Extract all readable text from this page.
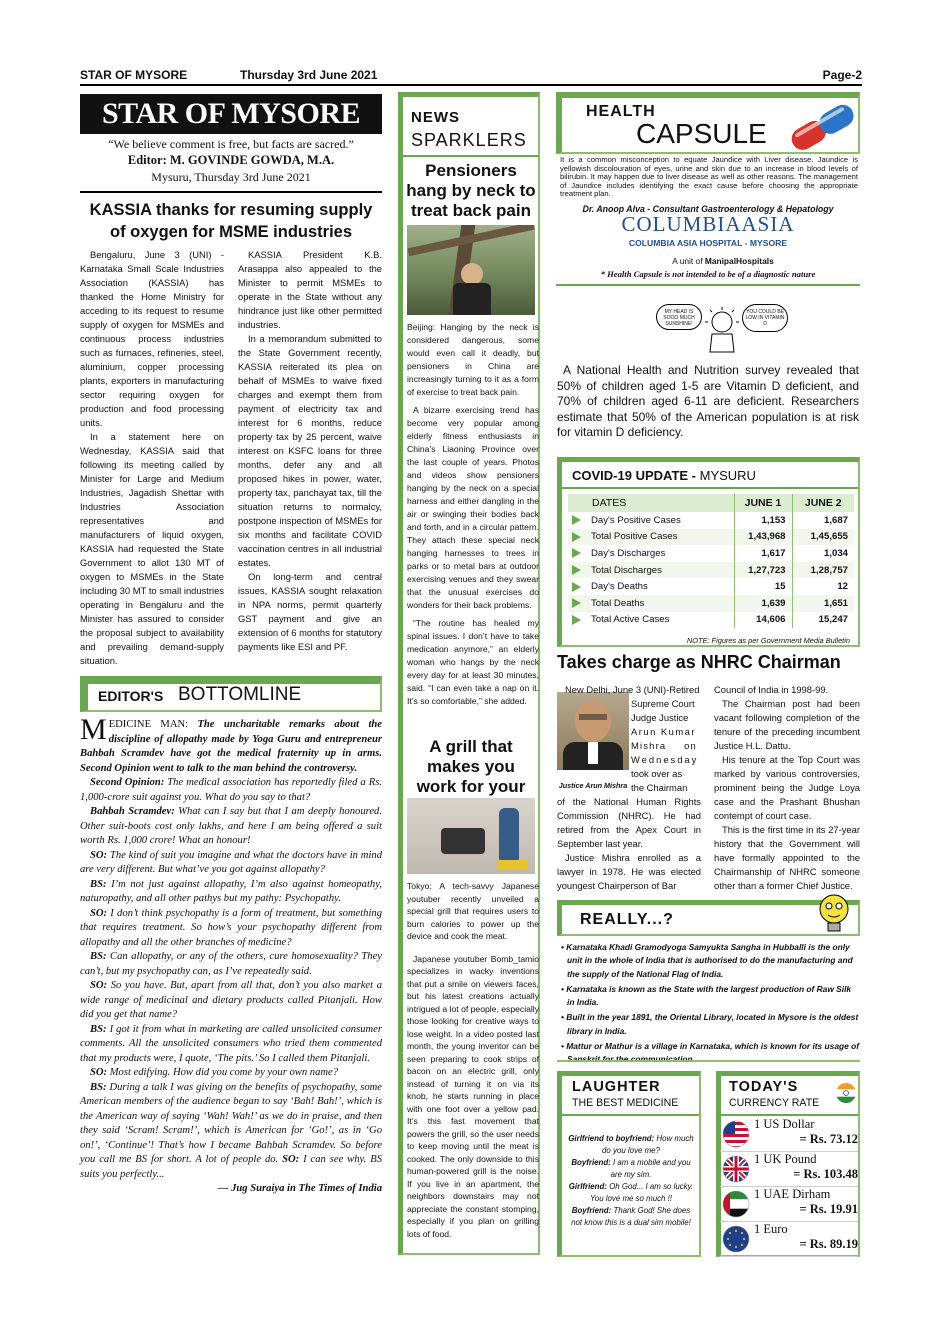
STAR OF MYSORE	Thursday 3rd June 2021	Page-2
STAR OF MYSORE
“We believe comment is free, but facts are sacred.”
Editor: M. GOVINDE GOWDA, M.A.
Mysuru, Thursday 3rd June 2021
KASSIA thanks for resuming supply of oxygen for MSME industries

Bengaluru, June 3 (UNI) - Karnataka Small Scale Industries Association (KASSIA) has thanked the Home Ministry for acceding to its request to resume supply of oxygen for MSMEs and continuous process industries such as furnaces, refineries, steel, aluminium, copper processing plants, exporters in manufacturing sector requiring oxygen for production and food processing units.

In a statement here on Wednesday, KASSIA said that following its meeting called by Minister for Large and Medium Industries, Jagadish Shettar with Industries Association representatives and manufacturers of liquid oxygen, KASSIA had requested the State Government to allot 130 MT of oxygen to MSMEs in the State including 30 MT to small industries operating in Bengaluru and the Minister has assured to consider the proposal subject to availability and prevailing demand-supply situation.

KASSIA President K.B. Arasappa also appealed to the Minister to permit MSMEs to operate in the State without any hindrance just like other permitted industries.

In a memorandum submitted to the State Government recently, KASSIA reiterated its plea on behalf of MSMEs to waive fixed charges and exempt them from payment of electricity tax and interest for 6 months, reduce property tax by 25 percent, waive interest on KSFC loans for three months, defer any and all proposed hikes in power, water, property tax, panchayat tax, till the situation returns to normalcy, postpone inspection of MSMEs for six months and facilitate COVID vaccination centres in all industrial estates.

On long-term and central issues, KASSIA sought relaxation in NPA norms, permit quarterly GST payment and give an extension of 6 months for statutory payments like ESI and PF.

EDITOR'S BOTTOMLINE

MEDICINE MAN: The uncharitable remarks about the discipline of allopathy made by Yoga Guru and entrepreneur Bahbah Scramdev have got the medical fraternity up in arms. Second Opinion went to talk to the man behind the controversy.

Second Opinion: The medical association has reportedly filed a Rs. 1,000-crore suit against you. What do you say to that?

Bahbah Scramdev: What can I say but that I am deeply honoured. Other suit-boots cost only lakhs, and here I am being offered a suit worth Rs. 1,000 crore! What an honour!

SO: The kind of suit you imagine and what the doctors have in mind are very different. But what’ve you got against allopathy?

BS: I’m not just against allopathy, I’m also against homeopathy, naturopathy, and all other pathys but my pathy: Psychopathy.

SO: I don’t think psychopathy is a form of treatment, but something that requires treatment. So how’s your psychopathy different from allopathy and all the other branches of medicine?

BS: Can allopathy, or any of the others, cure homosexuality? They can’t, but my psychopathy can, as I’ve repeatedly said.

SO: So you have. But, apart from all that, don’t you also market a wide range of medicinal and dietary products called Pitanjali. How did you get that name?

BS: I got it from what in marketing are called unsolicited consumer comments. All the unsolicited consumers who tried them commented that my products were, I quote, ‘The pits.’ So I called them Pitanjali.

SO: Most edifying. How did you come by your own name?

BS: During a talk I was giving on the benefits of psychopathy, some American members of the audience began to say ‘Bah! Bah!’, which is the American way of saying ‘Wah! Wah!’ as we do in praise, and then they said ‘Scram! Scram!’, which is American for ‘Go!’, as in ‘Go on!’, ‘Continue’! That’s how I became Bahbah Scramdev. So before you call me BS for short. A lot of people do. SO: I can see why. BS suits you perfectly...

— Jug Suraiya in The Times of India

NEWS
SPARKLERS
Pensioners hang by neck to treat back pain

Beijing: Hanging by the neck is considered dangerous, some would even call it deadly, but pensioners in China are increasingly turning to it as a form of exercise to treat back pain.

A bizarre exercising trend has become very popular among elderly fitness enthusiasts in China’s Liaoning Province over the last couple of years. Photos and videos show pensioners hanging by the neck on a special harness and either dangling in the air or swinging their bodies back and forth, and in a circular pattern. They attach these special neck hanging harnesses to trees in parks or to metal bars at outdoor exercising venues and they swear that the unusual exercises do wonders for their back problems.

“The routine has healed my spinal issues. I don’t have to take medication anymore,” an elderly woman who hangs by the neck every day for at least 30 minutes, said. “I can even take a nap on it. It’s so comfortable,” she added.

A grill that makes you work for your

Tokyo: A tech-savvy Japanese youtuber recently unveiled a special grill that requires users to burn calories to power up the device and cook the meat.

Japanese youtuber Bomb_tamio specializes in wacky inventions that put a smile on viewers faces, but his latest creations actually intrigued a lot of people, especially those looking for creative ways to lose weight. In a video posted last month, the young inventor can be seen preparing to cook strips of bacon on an electric grill, only instead of turning it on via its knob, he starts running in place with one foot over a yellow pad. It’s this fast movement that powers the grill, so the user needs to keep moving until the meat is cooked. The only downside to this human-powered grill is the noise. If you live in an apartment, the neighbors downstairs may not appreciate the constant stomping, especially if you plan on grilling lots of food.

HEALTH
CAPSULE
It is a common misconception to equate Jaundice with Liver disease. Jaundice is yellowish discolouration of eyes, urine and skin due to an increase in blood levels of bilirubin. It may happen due to liver disease as well as other reasons. The management of Jaundice includes identifying the exact cause before choosing the appropriate treatment plan.
Dr. Anoop Alva - Consultant Gastroenterology & Hepatology
COLUMBIAASIA
COLUMBIA ASIA HOSPITAL - MYSORE
A unit of ManipalHospitals
* Health Capsule is not intended to be of a diagnostic nature
MY HEAD IS SOOO MUCH SUNSHINE!
YOU COULD BE LOW IN VITAMIN D
A National Health and Nutrition survey revealed that 50% of children aged 1-5 are Vitamin D deficient, and 70% of children aged 6-11 are deficient. Researchers estimate that 50% of the American population is at risk for vitamin D deficiency.
COVID-19 UPDATE - MYSURU
DATES	JUNE 1	JUNE 2
Day's Positive Cases	1,153	1,687
Total Positive Cases	1,43,968	1,45,655
Day's Discharges	1,617	1,034
Total Discharges	1,27,723	1,28,757
Day's Deaths	15	12
Total Deaths	1,639	1,651
Total Active Cases	14,606	15,247
NOTE: Figures as per Government Media Bulletin
Takes charge as NHRC Chairman
Justice Arun Mishra
New Delhi, June 3 (UNI)-Retired
Supreme Court
Judge Justice
Arun Kumar
Mishra on
Wednesday
took over as
the Chairman

of the National Human Rights Commission (NHRC). He had retired from the Apex Court in September last year.

Justice Mishra enrolled as a lawyer in 1978. He was elected youngest Chairperson of Bar

Council of India in 1998-99.

The Chairman post had been vacant following completion of the tenure of the preceding incumbent Justice H.L. Dattu.

His tenure at the Top Court was marked by various controversies, prominent being the Judge Loya case and the Prashant Bhushan contempt of court case.

This is the first time in its 27-year history that the Government will have formally appointed to the Chairmanship of NHRC someone other than a former Chief Justice.

REALLY...?
• Karnataka Khadi Gramodyoga Samyukta Sangha in Hubballi is the only unit in the whole of India that is authorised to do the manufacturing and the supply of the National Flag of India.
• Karnataka is known as the State with the largest production of Raw Silk in India.
• Built in the year 1891, the Oriental Library, located in Mysore is the oldest library in India.
• Mattur or Mathur is a village in Karnataka, which is known for its usage of Sanskrit for the communication.
LAUGHTER
THE BEST MEDICINE
Girlfriend to boyfriend: How much do you love me?
Boyfriend: I am a mobile and you are my sim.
Girlfriend: Oh God... I am so lucky. You love me so much !!
Boyfriend: Thank God! She does not know this is a dual sim mobile!
TODAY'S
CURRENCY RATE
1 US Dollar
= Rs. 73.12
1 UK Pound
= Rs. 103.48
1 UAE Dirham
= Rs. 19.91
1 Euro
= Rs. 89.19
